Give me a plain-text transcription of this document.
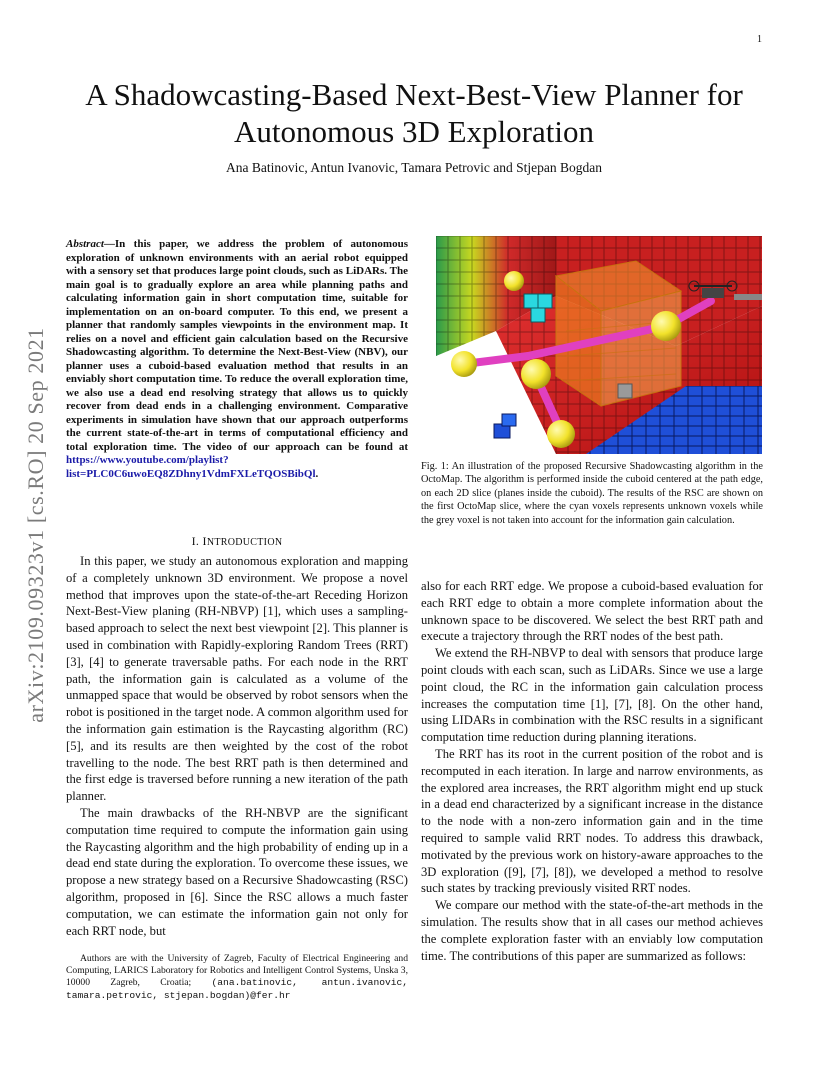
1
A Shadowcasting-Based Next-Best-View Planner for Autonomous 3D Exploration
Ana Batinovic, Antun Ivanovic, Tamara Petrovic and Stjepan Bogdan
arXiv:2109.09323v1 [cs.RO] 20 Sep 2021
Abstract—In this paper, we address the problem of autonomous exploration of unknown environments with an aerial robot equipped with a sensory set that produces large point clouds, such as LiDARs. The main goal is to gradually explore an area while planning paths and calculating information gain in short computation time, suitable for implementation on an on-board computer. To this end, we present a planner that randomly samples viewpoints in the environment map. It relies on a novel and efficient gain calculation based on the Recursive Shadowcasting algorithm. To determine the Next-Best-View (NBV), our planner uses a cuboid-based evaluation method that results in an enviably short computation time. To reduce the overall exploration time, we also use a dead end resolving strategy that allows us to quickly recover from dead ends in a challenging environment. Comparative experiments in simulation have shown that our approach outperforms the current state-of-the-art in terms of computational efficiency and total exploration time. The video of our approach can be found at https://www.youtube.com/playlist?list=PLC0C6uwoEQ8ZDhny1VdmFXLeTQOSBibQl.
I. INTRODUCTION

In this paper, we study an autonomous exploration and mapping of a completely unknown 3D environment. We propose a novel method that improves upon the state-of-the-art Receding Horizon Next-Best-View planing (RH-NBVP) [1], which uses a sampling-based approach to select the next best viewpoint [2]. This planner is used in combination with Rapidly-exploring Random Trees (RRT) [3], [4] to generate traversable paths. For each node in the RRT path, the information gain is calculated as a volume of the unmapped space that would be observed by robot sensors when the robot is positioned in the target node. A common algorithm used for the information gain estimation is the Raycasting algorithm (RC) [5], and its results are then weighted by the cost of the robot travelling to the node. The best RRT path is then determined and the first edge is traversed before running a new iteration of the path planner.

The main drawbacks of the RH-NBVP are the significant computation time required to compute the information gain using the Raycasting algorithm and the high probability of ending up in a dead end state during the exploration. To overcome these issues, we propose a new strategy based on a Recursive Shadowcasting (RSC) algorithm, proposed in [6]. Since the RSC allows a much faster computation, we can estimate the information gain not only for each RRT node, but

Authors are with the University of Zagreb, Faculty of Electrical Engineering and Computing, LARICS Laboratory for Robotics and Intelligent Control Systems, Unska 3, 10000 Zagreb, Croatia; (ana.batinovic, antun.ivanovic, tamara.petrovic, stjepan.bogdan)@fer.hr

Fig. 1: An illustration of the proposed Recursive Shadowcasting algorithm in the OctoMap. The algorithm is performed inside the cuboid centered at the path edge, on each 2D slice (planes inside the cuboid). The results of the RSC are shown on the first OctoMap slice, where the cyan voxels represents unknown voxels while the grey voxel is not taken into account for the information gain calculation.

also for each RRT edge. We propose a cuboid-based evaluation for each RRT edge to obtain a more complete information about the unknown space to be discovered. We select the best RRT path and execute a trajectory through the RRT nodes of the best path.

We extend the RH-NBVP to deal with sensors that produce large point clouds with each scan, such as LiDARs. Since we use a large point cloud, the RC in the information gain calculation process increases the computation time [1], [7], [8]. On the other hand, using LIDARs in combination with the RSC results in a significant computation time reduction during planning iterations.

The RRT has its root in the current position of the robot and is recomputed in each iteration. In large and narrow environments, as the explored area increases, the RRT algorithm might end up stuck in a dead end characterized by a significant increase in the distance to the node with a non-zero information gain and in the time required to sample valid RRT nodes. To address this drawback, motivated by the previous work on history-aware approaches to the 3D exploration ([9], [7], [8]), we developed a method to resolve such states by tracking previously visited RRT nodes.

We compare our method with the state-of-the-art methods in the simulation. The results show that in all cases our method achieves the complete exploration faster with an enviably low computation time. The contributions of this paper are summarized as follows:
